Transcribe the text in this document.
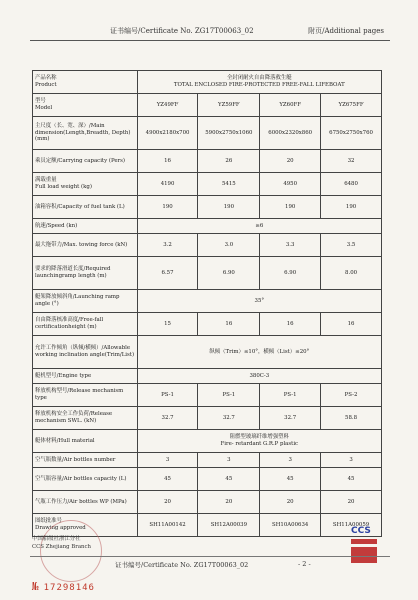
证书编号/Certificate No. ZG17T00063_02	附页/Additional pages
产品名称
Product	全封闭耐火自由降落救生艇
TOTAL ENCLOSED FIRE-PROTECTED FREE-FALL LIFEBOAT			
型号
Model	YZ49FF	YZ59FF	YZ60FF	YZ675FF
主尺度（长、宽、深）/Main dimension(Length,Breadth, Depth) (mm)	4900x2180x700	5900x2750x1060	6000x2320x860	6750x2750x760
乘员定额/Carrying capacity (Pers)	16	26	20	32
满载重量
Full load weight (kg)	4190	5415	4950	6480
油箱容积/Capacity of fuel tank (L)	190	190	190	190
航速/Speed (kn)	≥6			
最大拖带力/Max. towing force (kN)	3.2	3.0	3.3	3.5
要求的降落滑道长度/Required launchingramp length (m)	6.57	6.90	6.90	8.00
艇架降放倾斜角/Launching ramp angle (°)	35°			
自由降落核准高度/Free-fall certificationheight (m)	15	16	16	16
允许工作倾角（纵倾/横倾）/Allowable working inclination angle(Trim/List)	纵倾（Trim）≤10°，横倾（List）≤20°			
艇机型号/Engine type	380C-3			
释放机构型号/Release mechanism type	PS-1	PS-1	PS-1	PS-2
释放机构安全工作负荷/Release mechanism SWL. (kN)	32.7	32.7	32.7	58.8
艇体材料/Hull material	阻燃型玻璃纤维增强塑料
Fire- retardant G.R.P plastic			
空气瓶数量/Air bottles number	3	3	3	3
空气瓶容量/Air bottles capacity (L)	45	45	45	45
气瓶工作压力/Air bottles WP (MPa)	20	20	20	20
图纸批准号
Drawing approved	SH11A00142	SH12A00039	SH10A00634	SH11A00059
中国船级社浙江分社
CCS Zhejiang Branch
CCS
证书编号/Certificate No. ZG17T00063_02	- 2 -
№ 17298146
